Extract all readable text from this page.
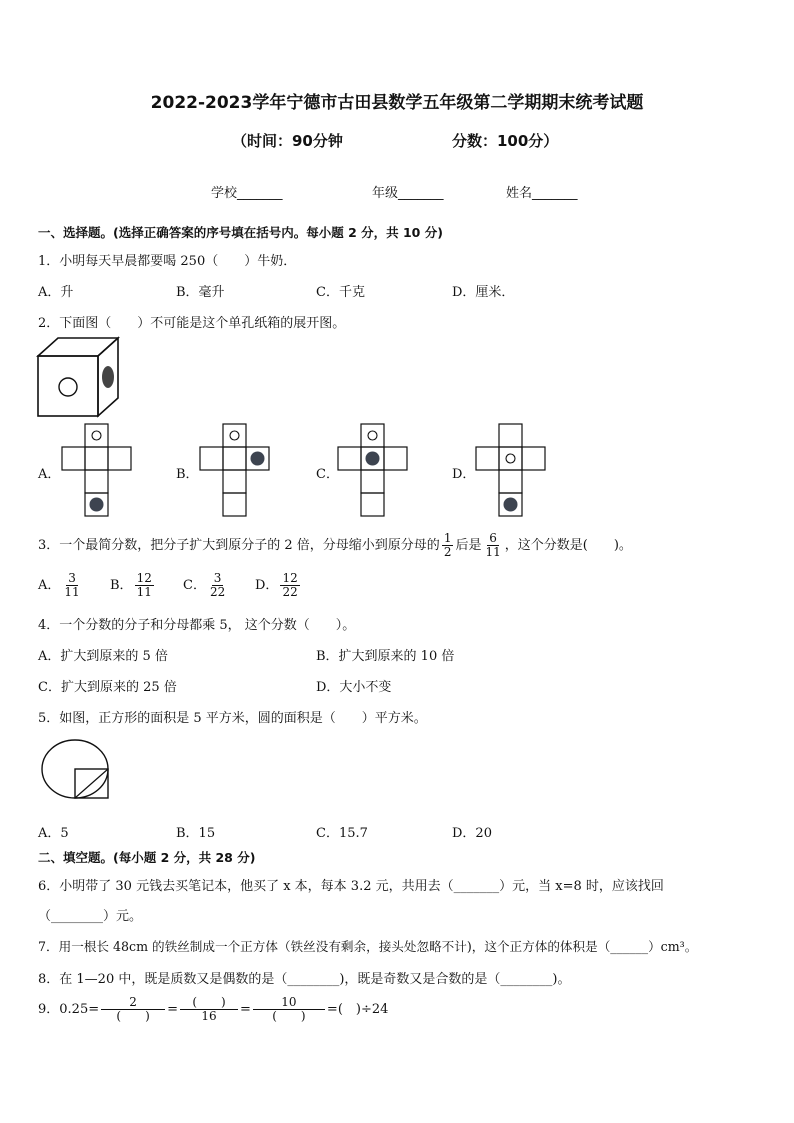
2022-2023学年宁德市古田县数学五年级第二学期期末统考试题
（时间：90分钟	分数：100分）
学校_______	年级_______	姓名_______
一、选择题。(选择正确答案的序号填在括号内。每小题 2 分，共 10 分)
1．小明每天早晨都要喝 250（　　）牛奶．
A．升	B．毫升	C．千克	D．厘米．
2．下面图（　　）不可能是这个单孔纸箱的展开图。
A．	B．	C．	D．
3．一个最简分数，把分子扩大到原分子的 2 倍，分母缩小到原分母的 $\frac{1}{2}$ 后是 $\frac{6}{11}$ ，这个分数是(　　)。
A． $\frac{3}{11}$ B． $\frac{12}{11}$ C． $\frac{3}{22}$ D． $\frac{12}{22}$
4．一个分数的分子和分母都乘 5， 这个分数（　　）。
A．扩大到原来的 5 倍	B．扩大到原来的 10 倍
C．扩大到原来的 25 倍	D．大小不变
5．如图，正方形的面积是 5 平方米，圆的面积是（　　）平方米。
A．5	B．15	C．15.7	D．20
二、填空题。(每小题 2 分，共 28 分)
6．小明带了 30 元钱去买笔记本，他买了 x 本，每本 3.2 元，共用去（_______）元，当 x=8 时，应该找回
（________）元。
7．用一根长 48cm 的铁丝制成一个正方体（铁丝没有剩余，接头处忽略不计)，这个正方体的体积是（______）cm³。
8．在 1—20 中，既是质数又是偶数的是（________)，既是奇数又是合数的是（________)。
9．$0.25= \frac{2}{( )} = \frac{( )}{16} = \frac{10}{( )}$ =(　)÷24
